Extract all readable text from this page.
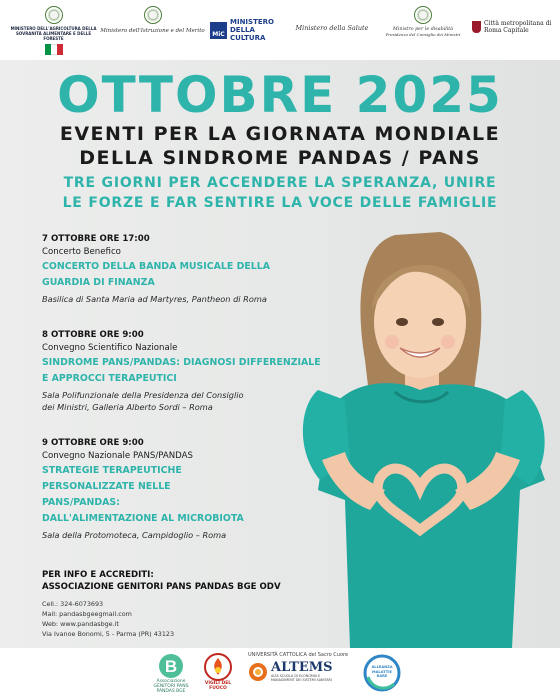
MINISTERO DELL'AGRICOLTURA DELLA SOVRANITÀ ALIMENTARE E DELLE FORESTE
Ministero dell'Istruzione e del Merito	MiC
MINISTERO DELLA CULTURA
Ministero della Salute	Ministro per le disabilità
Presidenza del Consiglio dei Ministri
Città metropolitana di Roma Capitale
OTTOBRE 2025
EVENTI PER LA GIORNATA MONDIALE
DELLA SINDROME PANDAS / PANS
TRE GIORNI PER ACCENDERE LA SPERANZA, UNIRE
LE FORZE E FAR SENTIRE LA VOCE DELLE FAMIGLIE
7 OTTOBRE ORE 17:00
Concerto Benefico
CONCERTO DELLA BANDA MUSICALE DELLA
GUARDIA DI FINANZA
Basilica di Santa Maria ad Martyres, Pantheon di Roma
8 OTTOBRE ORE 9:00
Convegno Scientifico Nazionale
SINDROME PANS/PANDAS: DIAGNOSI DIFFERENZIALE
E APPROCCI TERAPEUTICI
Sala Polifunzionale della Presidenza del Consiglio
dei Ministri, Galleria Alberto Sordi – Roma
9 OTTOBRE ORE 9:00
Convegno Nazionale PANS/PANDAS
STRATEGIE TERAPEUTICHE
PERSONALIZZATE NELLE
PANS/PANDAS:
DALL'ALIMENTAZIONE AL MICROBIOTA
Sala della Protomoteca, Campidoglio – Roma
PER INFO E ACCREDITI:
ASSOCIAZIONE GENITORI PANS PANDAS BGE ODV
Cell.: 324-6073693
Mail: pandasbgeegmail.com
Web: www.pandasbge.it
Via Ivanoe Bonomi, 5 - Parma (PR) 43123
B
Associazione GENITORI PANS PANDAS BGE
VIGILI DEL FUOCO
UNIVERSITÀ CATTOLICA del Sacro Cuore
ALTEMS
ALTA SCUOLA DI ECONOMIA E MANAGEMENT DEI SISTEMI SANITARI
ALLEANZA MALATTIE RARE
